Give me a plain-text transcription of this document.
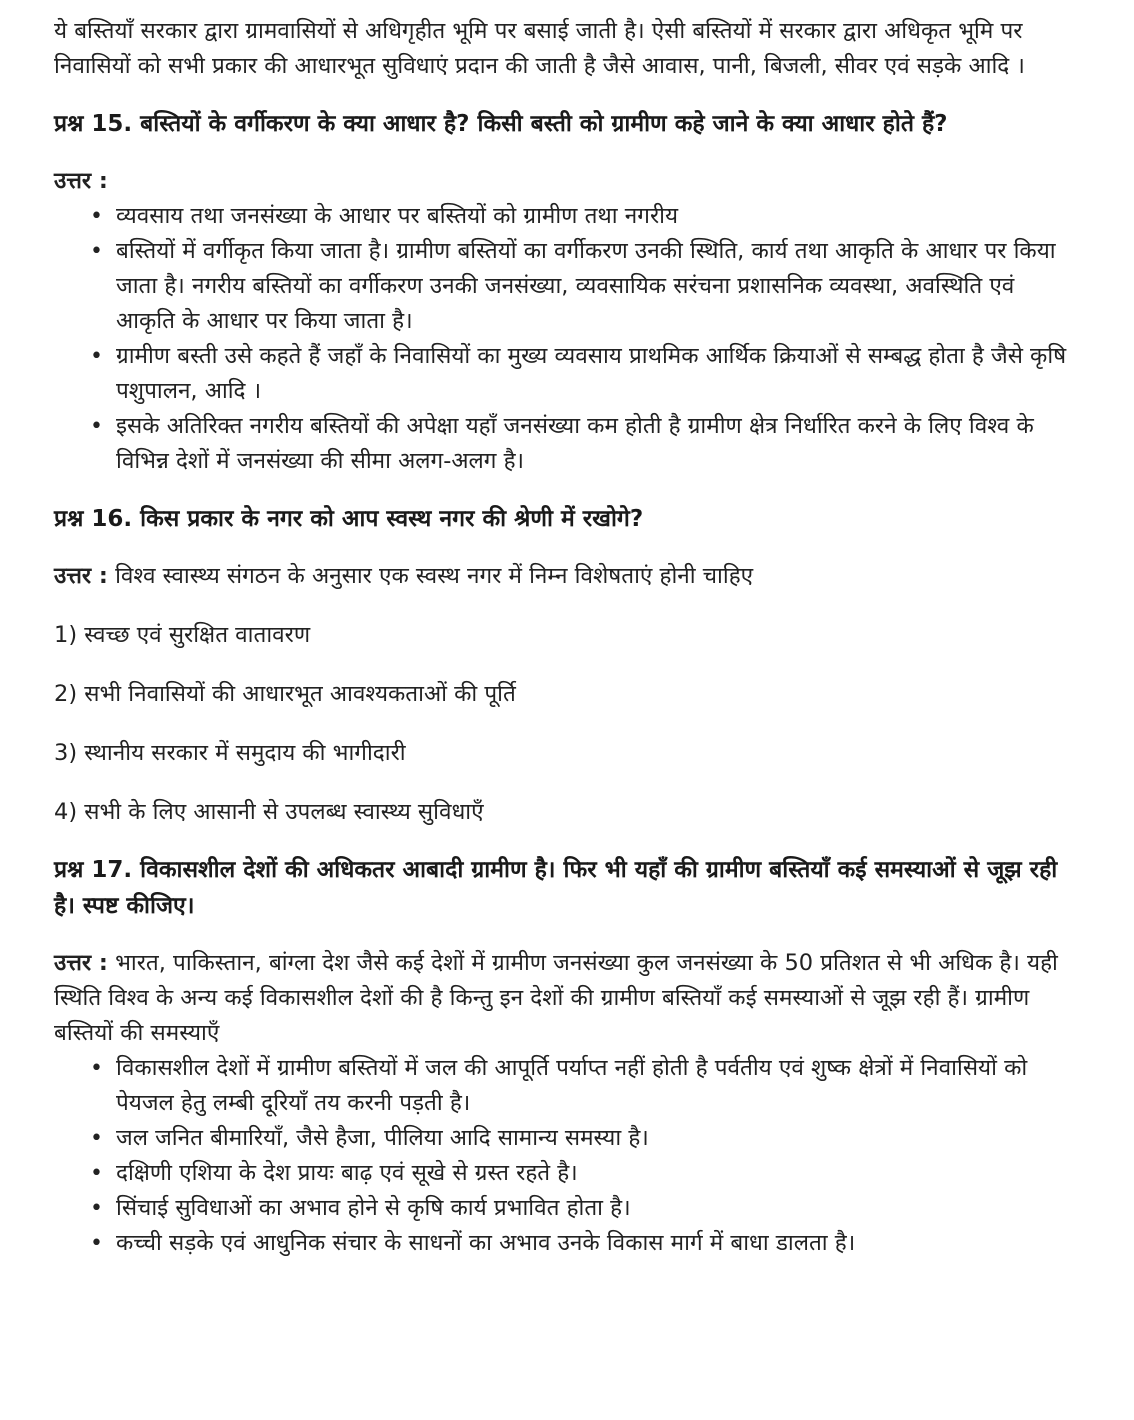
ये बस्तियाँ सरकार द्वारा ग्रामवासियों से अधिगृहीत भूमि पर बसाई जाती है। ऐसी बस्तियों में सरकार द्वारा अधिकृत भूमि पर निवासियों को सभी प्रकार की आधारभूत सुविधाएं प्रदान की जाती है जैसे आवास, पानी, बिजली, सीवर एवं सड़के आदि ।

प्रश्न 15. बस्तियों के वर्गीकरण के क्या आधार है? किसी बस्ती को ग्रामीण कहे जाने के क्या आधार होते हैं?

उत्तर :

• व्यवसाय तथा जनसंख्या के आधार पर बस्तियों को ग्रामीण तथा नगरीय
• बस्तियों में वर्गीकृत किया जाता है। ग्रामीण बस्तियों का वर्गीकरण उनकी स्थिति, कार्य तथा आकृति के आधार पर किया जाता है। नगरीय बस्तियों का वर्गीकरण उनकी जनसंख्या, व्यवसायिक सरंचना प्रशासनिक व्यवस्था, अवस्थिति एवं आकृति के आधार पर किया जाता है।
• ग्रामीण बस्ती उसे कहते हैं जहाँ के निवासियों का मुख्य व्यवसाय प्राथमिक आर्थिक क्रियाओं से सम्बद्ध होता है जैसे कृषि पशुपालन, आदि ।
• इसके अतिरिक्त नगरीय बस्तियों की अपेक्षा यहाँ जनसंख्या कम होती है ग्रामीण क्षेत्र निर्धारित करने के लिए विश्व के विभिन्न देशों में जनसंख्या की सीमा अलग-अलग है।

प्रश्न 16. किस प्रकार के नगर को आप स्वस्थ नगर की श्रेणी में रखोगे?

उत्तर : विश्व स्वास्थ्य संगठन के अनुसार एक स्वस्थ नगर में निम्न विशेषताएं होनी चाहिए

1) स्वच्छ एवं सुरक्षित वातावरण

2) सभी निवासियों की आधारभूत आवश्यकताओं की पूर्ति

3) स्थानीय सरकार में समुदाय की भागीदारी

4) सभी के लिए आसानी से उपलब्ध स्वास्थ्य सुविधाएँ

प्रश्न 17. विकासशील देशों की अधिकतर आबादी ग्रामीण है। फिर भी यहाँ की ग्रामीण बस्तियाँ कई समस्याओं से जूझ रही है। स्पष्ट कीजिए।

उत्तर : भारत, पाकिस्तान, बांग्ला देश जैसे कई देशों में ग्रामीण जनसंख्या कुल जनसंख्या के 50 प्रतिशत से भी अधिक है। यही स्थिति विश्व के अन्य कई विकासशील देशों की है किन्तु इन देशों की ग्रामीण बस्तियाँ कई समस्याओं से जूझ रही हैं। ग्रामीण बस्तियों की समस्याएँ

• विकासशील देशों में ग्रामीण बस्तियों में जल की आपूर्ति पर्याप्त नहीं होती है पर्वतीय एवं शुष्क क्षेत्रों में निवासियों को पेयजल हेतु लम्बी दूरियाँ तय करनी पड़ती है।
• जल जनित बीमारियाँ, जैसे हैजा, पीलिया आदि सामान्य समस्या है।
• दक्षिणी एशिया के देश प्रायः बाढ़ एवं सूखे से ग्रस्त रहते है।
• सिंचाई सुविधाओं का अभाव होने से कृषि कार्य प्रभावित होता है।
• कच्ची सड़के एवं आधुनिक संचार के साधनों का अभाव उनके विकास मार्ग में बाधा डालता है।
